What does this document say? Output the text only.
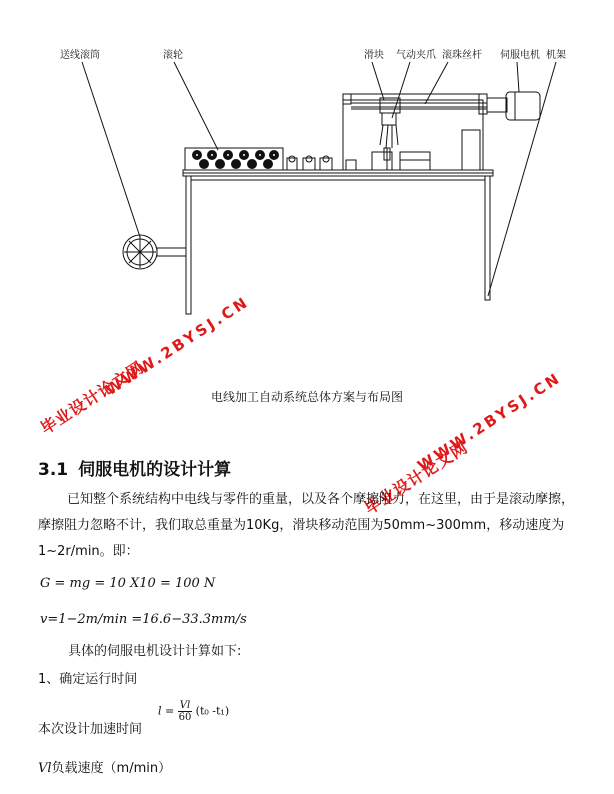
送线滚筒	滚轮	滑块 气动夹爪 滚珠丝杆 伺服电机 机架
电线加工自动系统总体方案与布局图
毕业设计论文网
WWW.2BYSJ.CN
毕业设计论文网
WWW.2BYSJ.CN
3.1 伺服电机的设计计算
已知整个系统结构中电线与零件的重量，以及各个摩擦阻力，在这里，由于是滚动摩擦，摩擦阻力忽略不计，我们取总重量为10Kg，滑块移动范围为50mm~300mm，移动速度为1~2r/min。即：
G = mg = 10 X10 = 100 N
v=1−2m/min =16.6−33.3mm/s
具体的伺服电机设计计算如下:
1、确定运行时间
本次设计加速时间
$l = \frac{Vl}{60} (t_0$ -t₁)
Vl负载速度（m/min）
